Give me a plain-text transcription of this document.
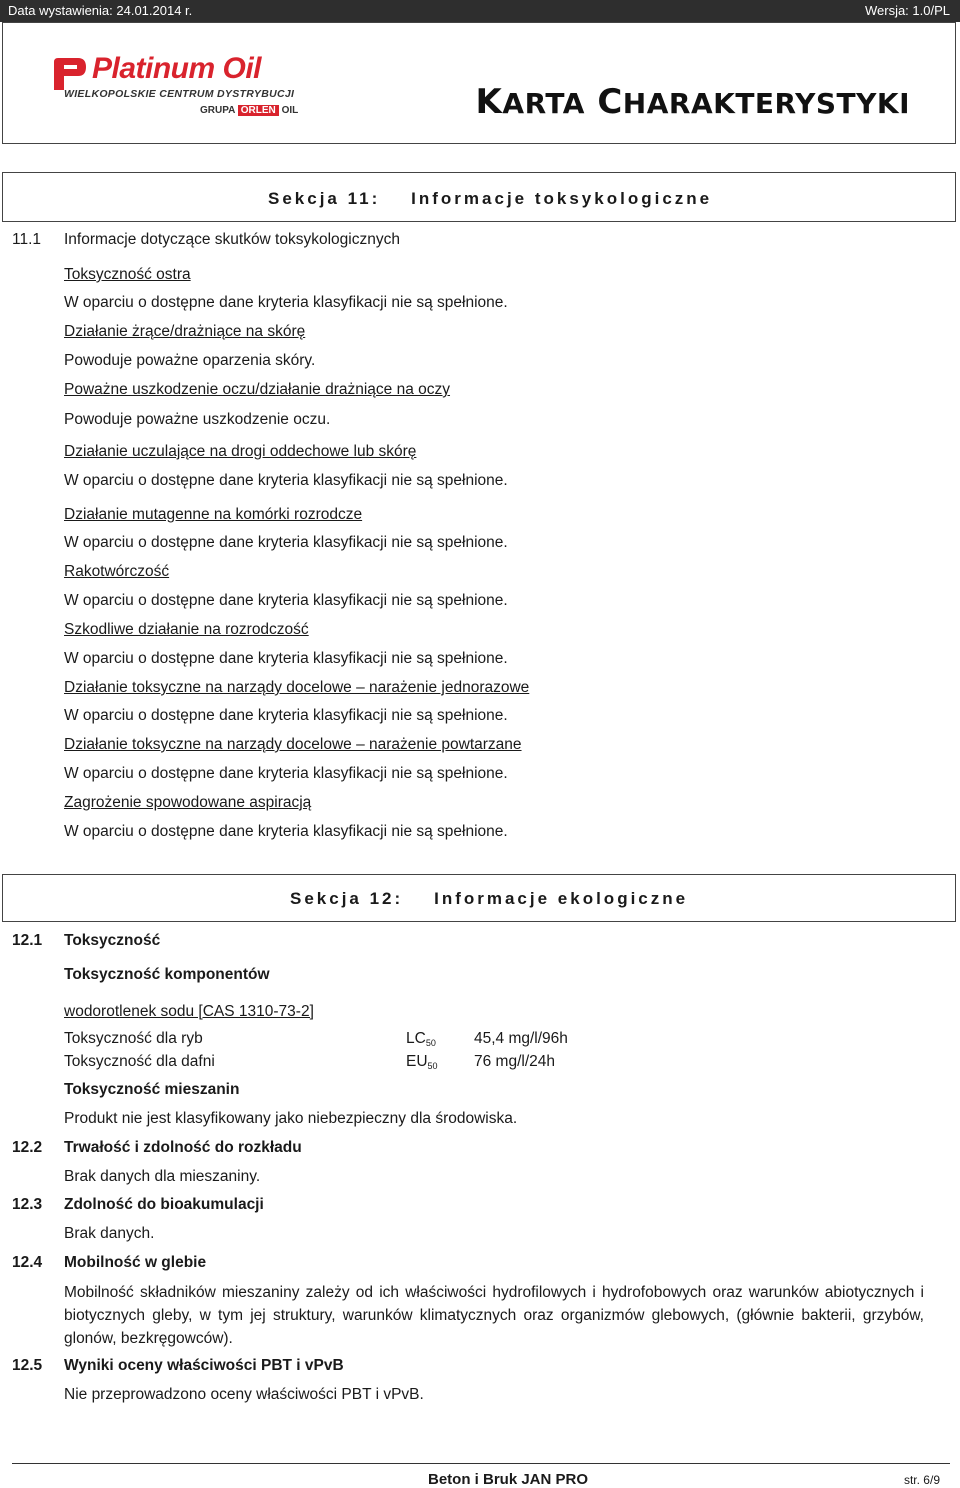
Data wystawienia: 24.01.2014 r.	Wersja: 1.0/PL
Platinum Oil
WIELKOPOLSKIE CENTRUM DYSTRYBUCJI
GRUPA ORLEN OIL	KARTA CHARAKTERYSTYKI
Sekcja 11: Informacje toksykologiczne
11.1 Informacje dotyczące skutków toksykologicznych
Toksyczność ostra
W oparciu o dostępne dane kryteria klasyfikacji nie są spełnione.
Działanie żrące/drażniące na skórę
Powoduje poważne oparzenia skóry.
Poważne uszkodzenie oczu/działanie drażniące na oczy
Powoduje poważne uszkodzenie oczu.
Działanie uczulające na drogi oddechowe lub skórę
W oparciu o dostępne dane kryteria klasyfikacji nie są spełnione.
Działanie mutagenne na komórki rozrodcze
W oparciu o dostępne dane kryteria klasyfikacji nie są spełnione.
Rakotwórczość
W oparciu o dostępne dane kryteria klasyfikacji nie są spełnione.
Szkodliwe działanie na rozrodczość
W oparciu o dostępne dane kryteria klasyfikacji nie są spełnione.
Działanie toksyczne na narządy docelowe – narażenie jednorazowe
W oparciu o dostępne dane kryteria klasyfikacji nie są spełnione.
Działanie toksyczne na narządy docelowe – narażenie powtarzane
W oparciu o dostępne dane kryteria klasyfikacji nie są spełnione.
Zagrożenie spowodowane aspiracją
W oparciu o dostępne dane kryteria klasyfikacji nie są spełnione.
Sekcja 12: Informacje ekologiczne
12.1 Toksyczność
Toksyczność komponentów
wodorotlenek sodu [CAS 1310-73-2]
Toksyczność dla ryb	$LC_{50}$ 45,4 mg/l/96h
Toksyczność dla dafni	$EU_{50}$ 76 mg/l/24h
Toksyczność mieszanin
Produkt nie jest klasyfikowany jako niebezpieczny dla środowiska.
12.2 Trwałość i zdolność do rozkładu
Brak danych dla mieszaniny.
12.3 Zdolność do bioakumulacji
Brak danych.
12.4 Mobilność w glebie
Mobilność składników mieszaniny zależy od ich właściwości hydrofilowych i hydrofobowych oraz warunków abiotycznych i biotycznych gleby, w tym jej struktury, warunków klimatycznych oraz organizmów glebowych, (głównie bakterii, grzybów, glonów, bezkręgowców).
12.5 Wyniki oceny właściwości PBT i vPvB
Nie przeprowadzono oceny właściwości PBT i vPvB.
Beton i Bruk JAN PRO	str. 6/9
